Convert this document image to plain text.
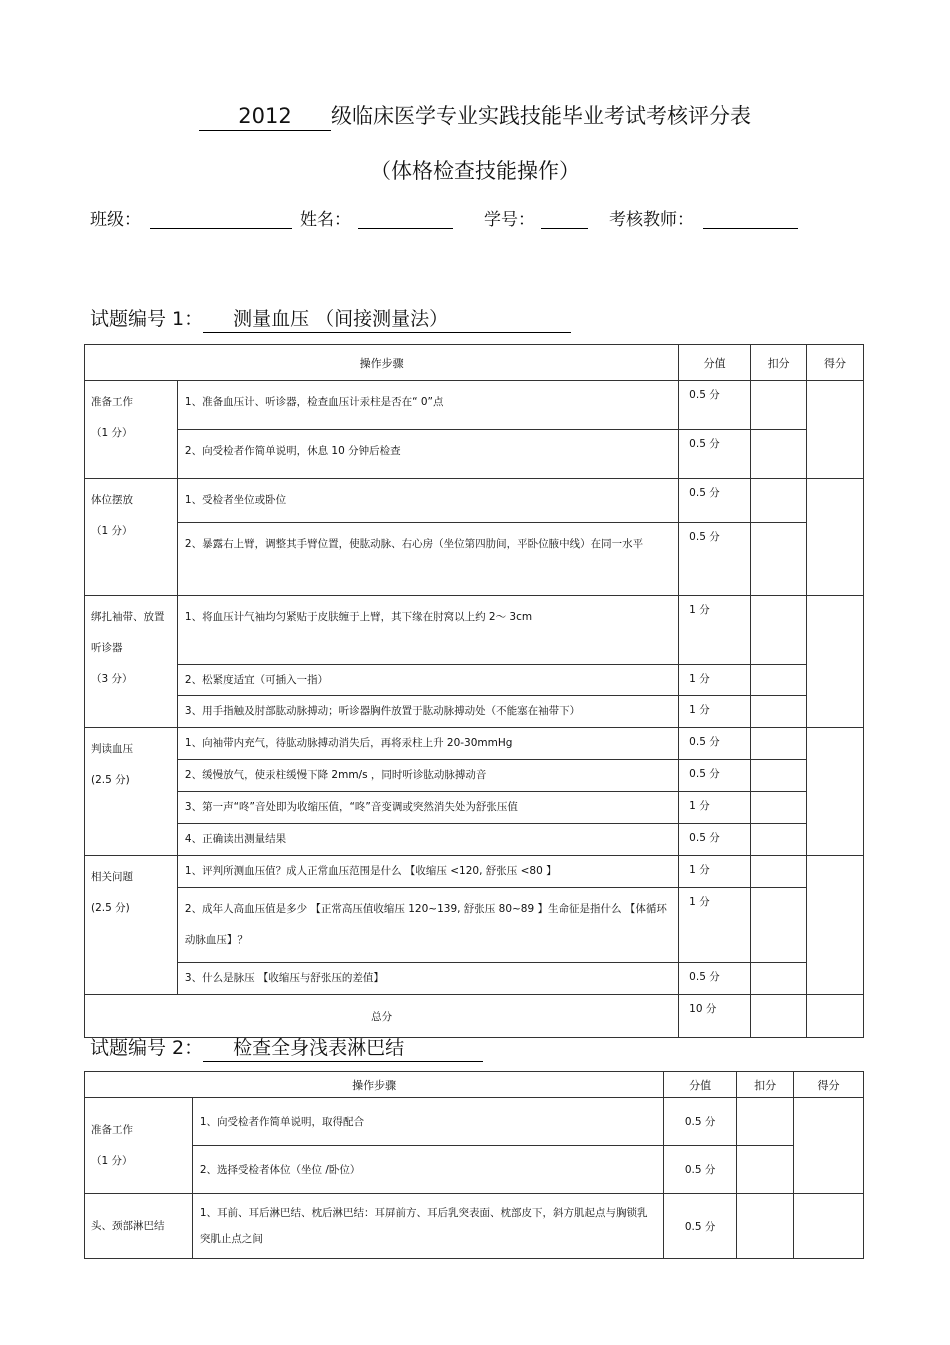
2012 级临床医学专业实践技能毕业考试考核评分表
（体格检查技能操作）
班级：	姓名：	学号：	考核教师：
试题编号 1： 测量血压 （间接测量法）
操作步骤		分值	扣分	得分

准备工作
（1 分）	1、准备血压计、听诊器，检查血压计汞柱是否在“ 0”点	0.5 分		
	2、向受检者作简单说明，休息 10 分钟后检查	0.5 分		

体位摆放
（1 分）	1、受检者坐位或卧位	0.5 分		
	2、暴露右上臂，调整其手臂位置，使肱动脉、右心房（坐位第四肋间，平卧位腋中线）在同一水平	0.5 分		

绑扎袖带、放置听诊器
（3 分）	1、将血压计气袖均匀紧贴于皮肤缠于上臂，其下缘在肘窝以上约 2～ 3cm	1 分		
	2、松紧度适宜（可插入一指）	1 分		
	3、用手指触及肘部肱动脉搏动；听诊器胸件放置于肱动脉搏动处（不能塞在袖带下）	1 分		

判读血压
(2.5 分)	1、向袖带内充气，待肱动脉搏动消失后，再将汞柱上升 20-30mmHg	0.5 分		
	2、缓慢放气，使汞柱缓慢下降 2mm/s ，同时听诊肱动脉搏动音	0.5 分		
	3、第一声“咚”音处即为收缩压值，“咚”音变调或突然消失处为舒张压值	1 分		
	4、正确读出测量结果	0.5 分		

相关问题
(2.5 分)	1、评判所测血压值？成人正常血压范围是什么 【收缩压 <120, 舒张压 <80 】	1 分		
	2、成年人高血压值是多少 【正常高压值收缩压 120~139, 舒张压 80~89 】生命征是指什么 【体循环动脉血压】？	1 分		
	3、什么是脉压 【收缩压与舒张压的差值】	0.5 分		
总分		10 分		
试题编号 2： 检查全身浅表淋巴结
操作步骤		分值	扣分	得分

准备工作
（1 分）	1、向受检者作简单说明，取得配合	0.5 分		
	2、选择受检者体位（坐位 /卧位）	0.5 分		

头、颈部淋巴结	1、耳前、耳后淋巴结、枕后淋巴结：耳屏前方、耳后乳突表面、枕部皮下，斜方肌起点与胸锁乳突肌止点之间	0.5 分		
